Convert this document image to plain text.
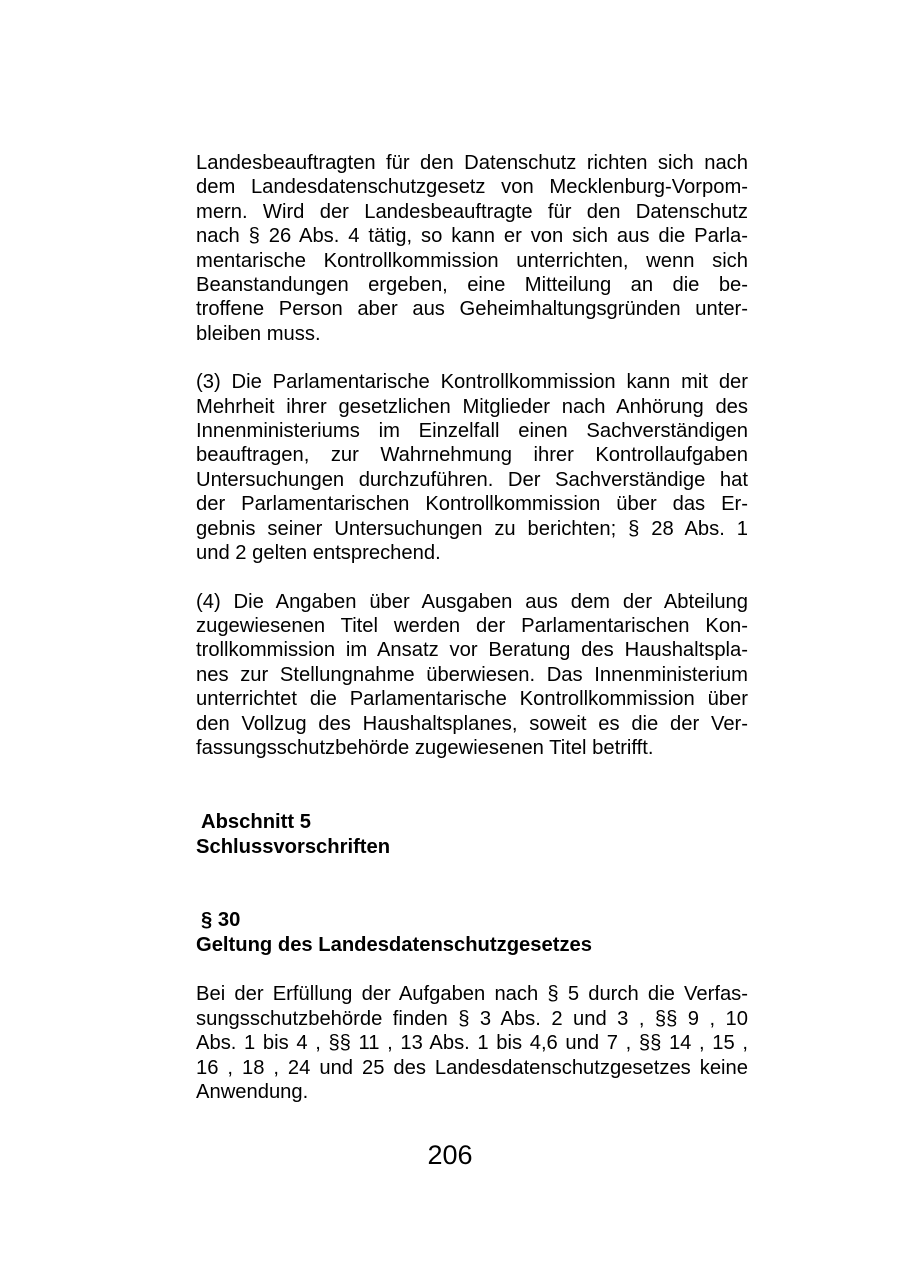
Landesbeauftragten für den Datenschutz richten sich nach
dem Landesdatenschutzgesetz von Mecklenburg-Vorpom-
mern. Wird der Landesbeauftragte für den Datenschutz
nach § 26 Abs. 4 tätig, so kann er von sich aus die Parla-
mentarische Kontrollkommission unterrichten, wenn sich
Beanstandungen ergeben, eine Mitteilung an die be-
troffene Person aber aus Geheimhaltungsgründen unter-
bleiben muss.
(3) Die Parlamentarische Kontrollkommission kann mit der
Mehrheit ihrer gesetzlichen Mitglieder nach Anhörung des
Innenministeriums im Einzelfall einen Sachverständigen
beauftragen, zur Wahrnehmung ihrer Kontrollaufgaben
Untersuchungen durchzuführen. Der Sachverständige hat
der Parlamentarischen Kontrollkommission über das Er-
gebnis seiner Untersuchungen zu berichten; § 28 Abs. 1
und 2 gelten entsprechend.
(4) Die Angaben über Ausgaben aus dem der Abteilung
zugewiesenen Titel werden der Parlamentarischen Kon-
trollkommission im Ansatz vor Beratung des Haushaltspla-
nes zur Stellungnahme überwiesen. Das Innenministerium
unterrichtet die Parlamentarische Kontrollkommission über
den Vollzug des Haushaltsplanes, soweit es die der Ver-
fassungsschutzbehörde zugewiesenen Titel betrifft.
Abschnitt 5
Schlussvorschriften
§ 30
Geltung des Landesdatenschutzgesetzes
Bei der Erfüllung der Aufgaben nach § 5 durch die Verfas-
sungsschutzbehörde finden § 3 Abs. 2 und 3 , §§ 9 , 10
Abs. 1 bis 4 , §§ 11 , 13 Abs. 1 bis 4,6 und 7 , §§ 14 , 15 ,
16 , 18 , 24 und 25 des Landesdatenschutzgesetzes keine
Anwendung.
206
